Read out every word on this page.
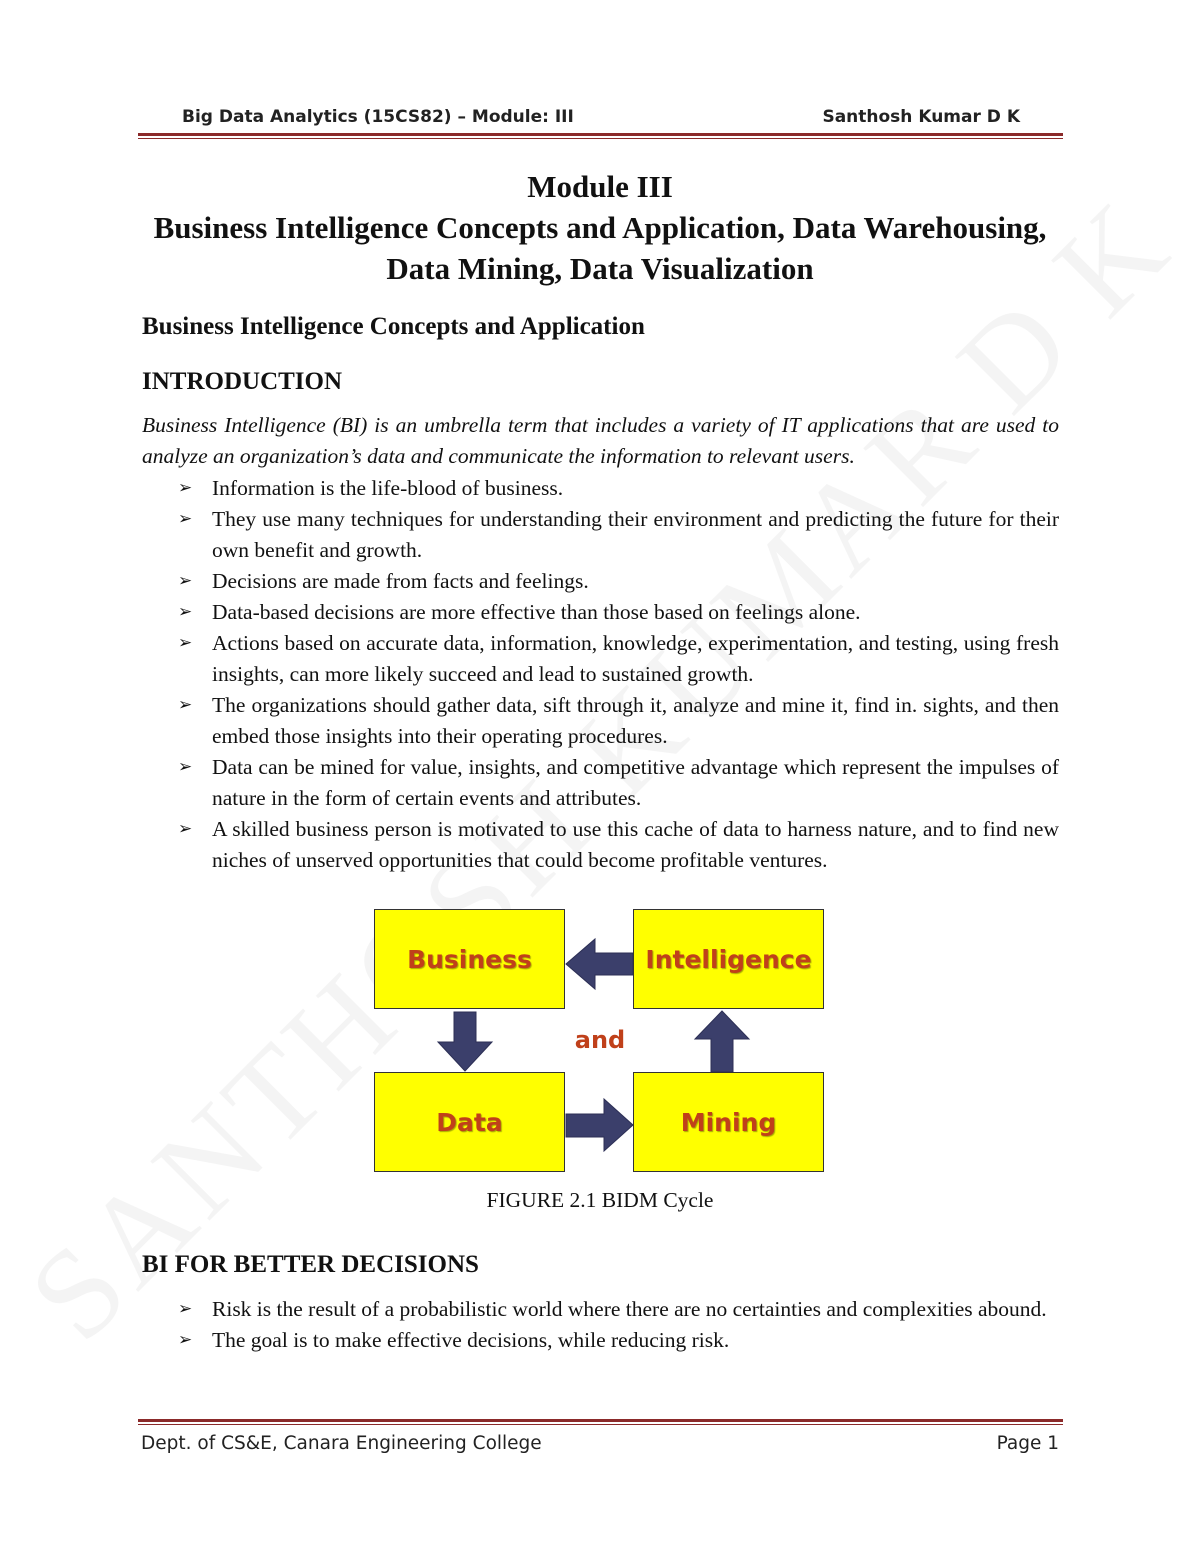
Big Data Analytics (15CS82) – Module: III	Santhosh Kumar D K
Module III
Business Intelligence Concepts and Application, Data Warehousing,
Data Mining, Data Visualization
Business Intelligence Concepts and Application
INTRODUCTION
Business Intelligence (BI) is an umbrella term that includes a variety of IT applications that are used to analyze an organization’s data and communicate the information to relevant users.
➢ Information is the life-blood of business.
➢ They use many techniques for understanding their environment and predicting the future for their own benefit and growth.
➢ Decisions are made from facts and feelings.
➢ Data-based decisions are more effective than those based on feelings alone.
➢ Actions based on accurate data, information, knowledge, experimentation, and testing, using fresh insights, can more likely succeed and lead to sustained growth.
➢ The organizations should gather data, sift through it, analyze and mine it, find in. sights, and then embed those insights into their operating procedures.
➢ Data can be mined for value, insights, and competitive advantage which represent the impulses of nature in the form of certain events and attributes.
➢ A skilled business person is motivated to use this cache of data to harness nature, and to find new niches of unserved opportunities that could become profitable ventures.
Business	Intelligence
Data	Mining
and
FIGURE 2.1 BIDM Cycle
BI FOR BETTER DECISIONS
➢ Risk is the result of a probabilistic world where there are no certainties and complexities abound.
➢ The goal is to make effective decisions, while reducing risk.
Dept. of CS&E, Canara Engineering College	Page 1
